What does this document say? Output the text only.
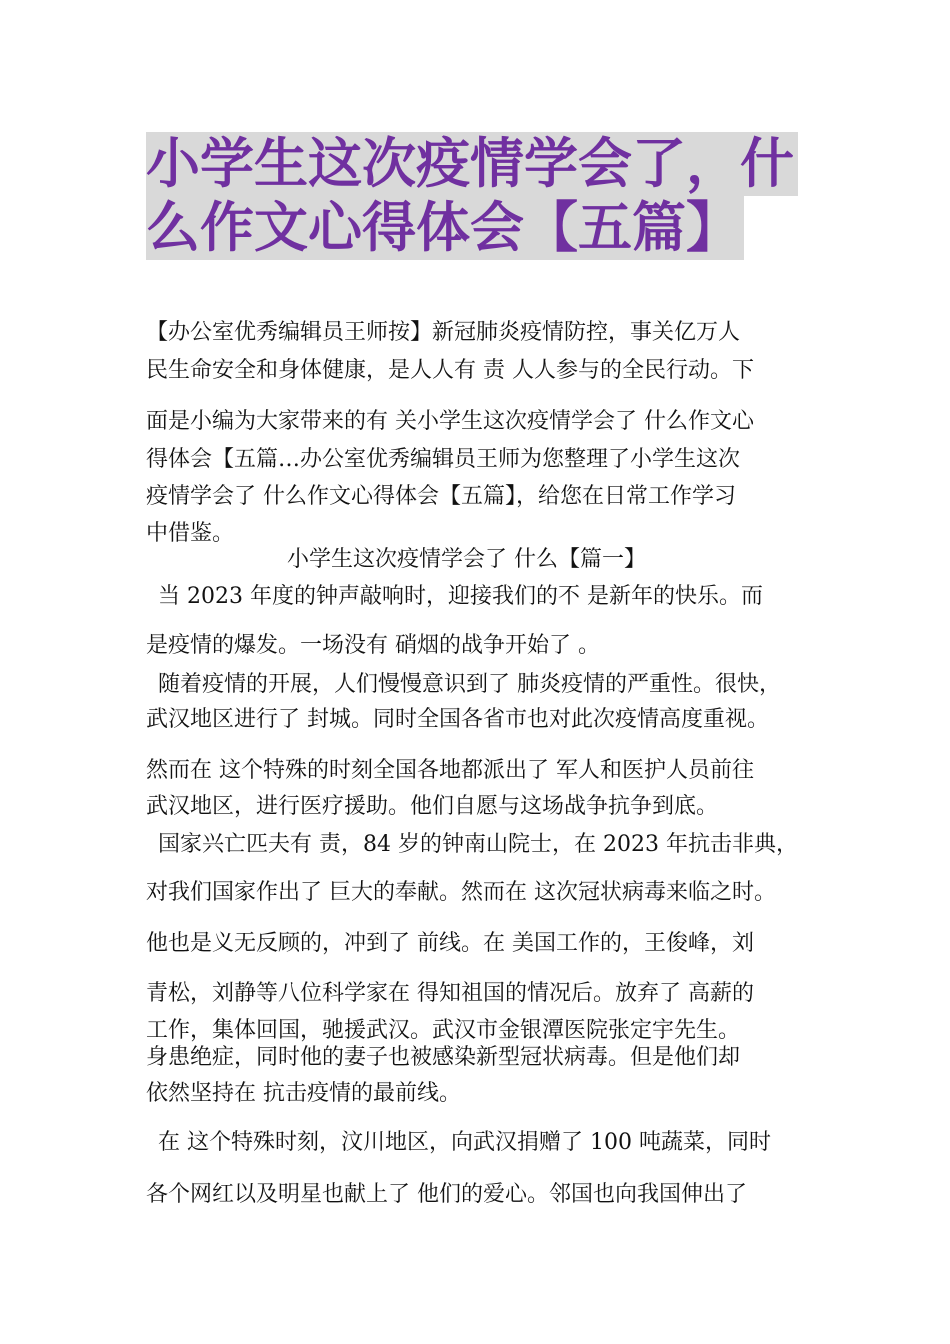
小学生这次疫情学会了，什
么作文心得体会【五篇】
【办公室优秀编辑员王师按】新冠肺炎疫情防控，事关亿万人
民生命安全和身体健康，是人人有 责 人人参与的全民行动。下
面是小编为大家带来的有 关小学生这次疫情学会了 什么作文心
得体会【五篇…办公室优秀编辑员王师为您整理了小学生这次
疫情学会了 什么作文心得体会【五篇】，给您在日常工作学习
中借鉴。
小学生这次疫情学会了 什么【篇一】
当 2023 年度的钟声敲响时，迎接我们的不 是新年的快乐。而
是疫情的爆发。一场没有 硝烟的战争开始了 。
随着疫情的开展，人们慢慢意识到了 肺炎疫情的严重性。很快，
武汉地区进行了 封城。同时全国各省市也对此次疫情高度重视。
然而在 这个特殊的时刻全国各地都派出了 军人和医护人员前往
武汉地区，进行医疗援助。他们自愿与这场战争抗争到底。
国家兴亡匹夫有 责，84 岁的钟南山院士，在 2023 年抗击非典，
对我们国家作出了 巨大的奉献。然而在 这次冠状病毒来临之时。
他也是义无反顾的，冲到了 前线。在 美国工作的，王俊峰，刘
青松，刘静等八位科学家在 得知祖国的情况后。放弃了 高薪的
工作，集体回国，驰援武汉。武汉市金银潭医院张定宇先生。
身患绝症，同时他的妻子也被感染新型冠状病毒。但是他们却
依然坚持在 抗击疫情的最前线。
在 这个特殊时刻，汶川地区，向武汉捐赠了 100 吨蔬菜，同时
各个网红以及明星也献上了 他们的爱心。邻国也向我国伸出了
